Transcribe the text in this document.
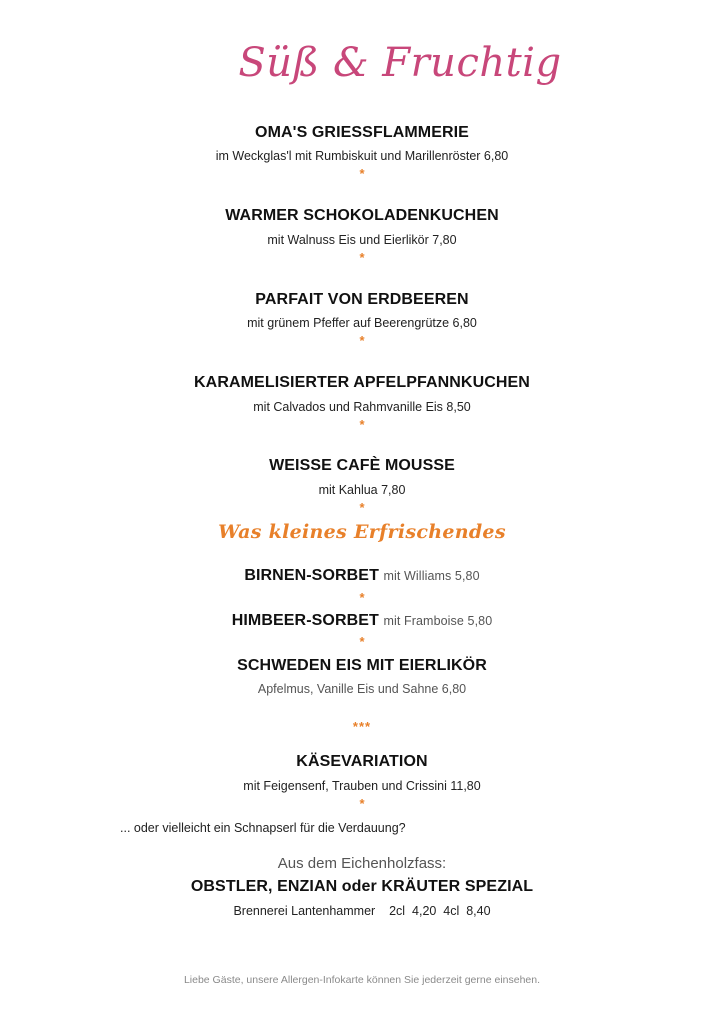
Süß & Fruchtig
OMA'S GRIESSFLAMMERIE
im Weckglas'l mit Rumbiskuit und Marillenröster 6,80
*
WARMER SCHOKOLADENKUCHEN
mit Walnuss Eis und Eierlikör 7,80
*
PARFAIT VON ERDBEEREN
mit grünem Pfeffer auf Beerengrütze 6,80
*
KARAMELISIERTER APFELPFANNKUCHEN
mit Calvados und Rahmvanille Eis 8,50
*
WEISSE CAFÈ MOUSSE
mit Kahlua 7,80
*
Was kleines Erfrischendes
BIRNEN-SORBET mit Williams 5,80
*
HIMBEER-SORBET mit Framboise 5,80
*
SCHWEDEN EIS MIT EIERLIKÖR
Apfelmus, Vanille Eis und Sahne 6,80
***
KÄSEVARIATION
mit Feigensenf, Trauben und Crissini 11,80
*
... oder vielleicht ein Schnapserl für die Verdauung?
Aus dem Eichenholzfass:
OBSTLER, ENZIAN oder KRÄUTER SPEZIAL
Brennerei Lantenhammer    2cl  4,20  4cl  8,40
Liebe Gäste, unsere Allergen-Infokarte können Sie jederzeit gerne einsehen.
